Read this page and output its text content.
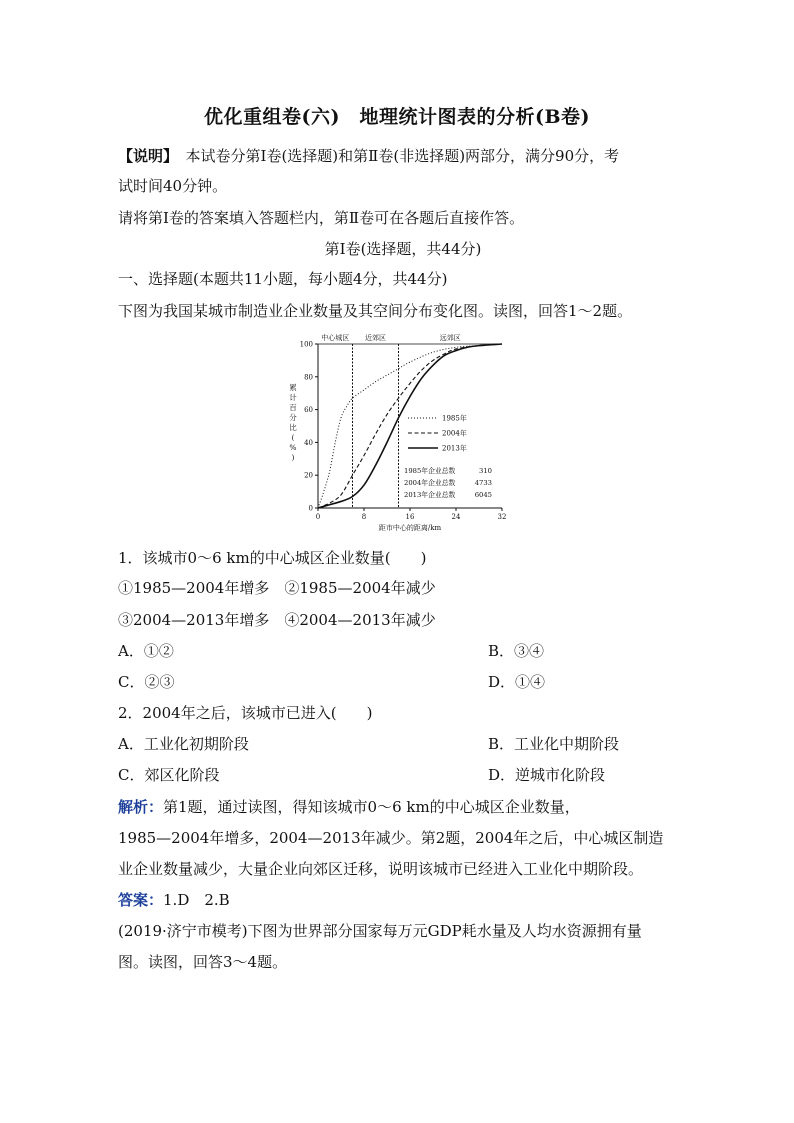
优化重组卷(六)　地理统计图表的分析(B卷)
【说明】　本试卷分第Ⅰ卷(选择题)和第Ⅱ卷(非选择题)两部分，满分90分，考
试时间40分钟。
请将第Ⅰ卷的答案填入答题栏内，第Ⅱ卷可在各题后直接作答。
第Ⅰ卷(选择题，共44分)
一、选择题(本题共11小题，每小题4分，共44分)
下图为我国某城市制造业企业数量及其空间分布变化图。读图，回答1～2题。
中心城区 近郊区	远郊区
0	8	16	24	32
0
20
40
60
80
100
距市中心的距离/km
累
计
百
分
比
(
%
)
1985年
2004年
2013年
1985年企业总数	310
2004年企业总数	4733
2013年企业总数	6045
1．该城市0～6 km的中心城区企业数量(　　)
①1985—2004年增多　②1985—2004年减少
③2004—2013年增多　④2004—2013年减少
A．①②	B．③④
C．②③	D．①④
2．2004年之后，该城市已进入(　　)
A．工业化初期阶段	B．工业化中期阶段
C．郊区化阶段	D．逆城市化阶段
解析：第1题，通过读图，得知该城市0～6 km的中心城区企业数量，
1985—2004年增多，2004—2013年减少。第2题，2004年之后，中心城区制造
业企业数量减少，大量企业向郊区迁移，说明该城市已经进入工业化中期阶段。
答案：1.D　2.B
(2019·济宁市模考)下图为世界部分国家每万元GDP耗水量及人均水资源拥有量
图。读图，回答3～4题。
